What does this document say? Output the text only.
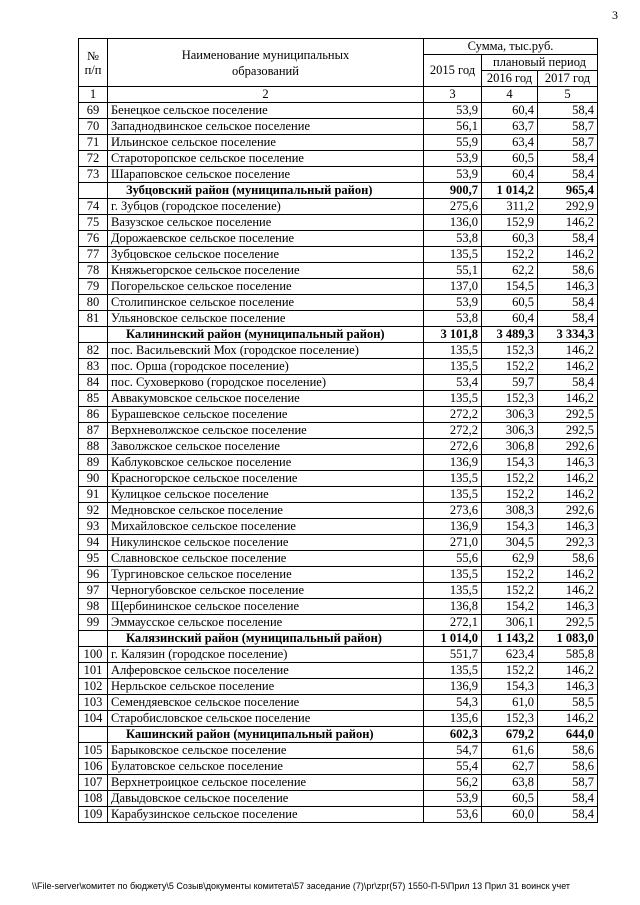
3
№ п/п	Наименование муниципальных образований	Сумма, тыс.руб.		
		2015 год	плановый период	
			2016 год	2017 год
1	2	3	4	5
69	Бенецкое сельское поселение	53,9	60,4	58,4
70	Западнодвинское сельское поселение	56,1	63,7	58,7
71	Ильинское сельское поселение	55,9	63,4	58,7
72	Староторопское сельское поселение	53,9	60,5	58,4
73	Шараповское сельское поселение	53,9	60,4	58,4
	Зубцовский район (муниципальный район)	900,7	1 014,2	965,4
74	г. Зубцов (городское поселение)	275,6	311,2	292,9
75	Вазузское сельское поселение	136,0	152,9	146,2
76	Дорожаевское сельское поселение	53,8	60,3	58,4
77	Зубцовское сельское поселение	135,5	152,2	146,2
78	Княжьегорское сельское поселение	55,1	62,2	58,6
79	Погорельское сельское поселение	137,0	154,5	146,3
80	Столипинское сельское поселение	53,9	60,5	58,4
81	Ульяновское сельское поселение	53,8	60,4	58,4
	Калининский район (муниципальный район)	3 101,8	3 489,3	3 334,3
82	пос. Васильевский Мох (городское поселение)	135,5	152,3	146,2
83	пос. Орша (городское поселение)	135,5	152,2	146,2
84	пос. Суховерково (городское поселение)	53,4	59,7	58,4
85	Аввакумовское сельское поселение	135,5	152,3	146,2
86	Бурашевское сельское поселение	272,2	306,3	292,5
87	Верхневолжское сельское поселение	272,2	306,3	292,5
88	Заволжское сельское поселение	272,6	306,8	292,6
89	Каблуковское сельское поселение	136,9	154,3	146,3
90	Красногорское сельское поселение	135,5	152,2	146,2
91	Кулицкое сельское поселение	135,5	152,2	146,2
92	Медновское сельское поселение	273,6	308,3	292,6
93	Михайловское сельское поселение	136,9	154,3	146,3
94	Никулинское сельское поселение	271,0	304,5	292,3
95	Славновское сельское поселение	55,6	62,9	58,6
96	Тургиновское сельское поселение	135,5	152,2	146,2
97	Черногубовское сельское поселение	135,5	152,2	146,2
98	Щербининское сельское поселение	136,8	154,2	146,3
99	Эммаусское сельское поселение	272,1	306,1	292,5
	Калязинский район (муниципальный район)	1 014,0	1 143,2	1 083,0
100	г. Калязин (городское поселение)	551,7	623,4	585,8
101	Алферовское сельское поселение	135,5	152,2	146,2
102	Нерльское сельское поселение	136,9	154,3	146,3
103	Семендяевское сельское поселение	54,3	61,0	58,5
104	Старобисловское сельское поселение	135,6	152,3	146,2
	Кашинский район (муниципальный район)	602,3	679,2	644,0
105	Барыковское сельское поселение	54,7	61,6	58,6
106	Булатовское сельское поселение	55,4	62,7	58,6
107	Верхнетроицкое сельское поселение	56,2	63,8	58,7
108	Давыдовское сельское поселение	53,9	60,5	58,4
109	Карабузинское сельское поселение	53,6	60,0	58,4
\\File-server\комитет по бюджету\5 Созыв\документы комитета\57 заседание (7)\pr\zpr(57) 1550-П-5\Прил 13 Прил 31 воинск учет
